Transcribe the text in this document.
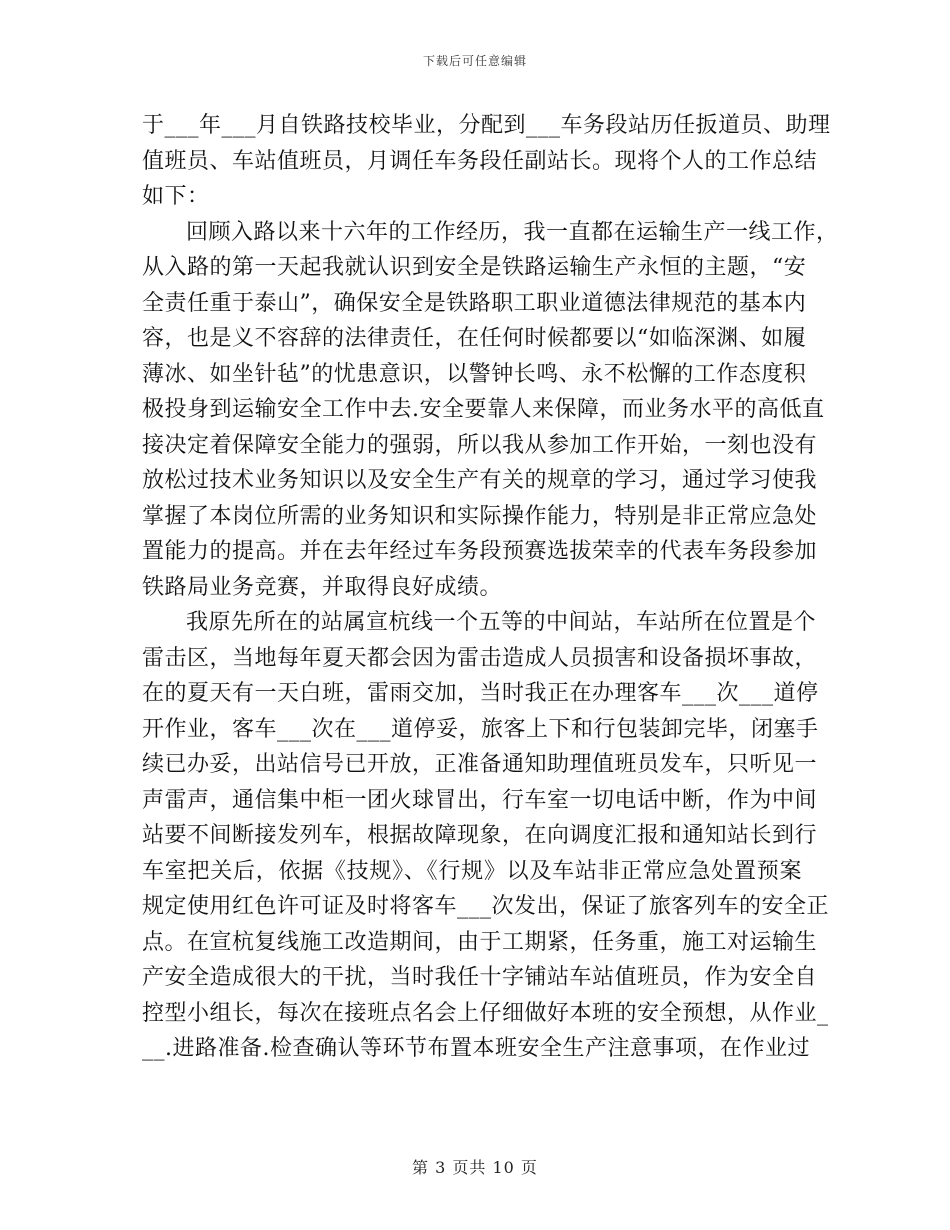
下载后可任意编辑
于___年___月自铁路技校毕业，分配到___车务段站历任扳道员、助理
值班员、车站值班员，月调任车务段任副站长。现将个人的工作总结
如下：
回顾入路以来十六年的工作经历，我一直都在运输生产一线工作，
从入路的第一天起我就认识到安全是铁路运输生产永恒的主题，“安
全责任重于泰山”，确保安全是铁路职工职业道德法律规范的基本内
容，也是义不容辞的法律责任，在任何时候都要以“如临深渊、如履
薄冰、如坐针毡”的忧患意识，以警钟长鸣、永不松懈的工作态度积
极投身到运输安全工作中去.安全要靠人来保障，而业务水平的高低直
接决定着保障安全能力的强弱，所以我从参加工作开始，一刻也没有
放松过技术业务知识以及安全生产有关的规章的学习，通过学习使我
掌握了本岗位所需的业务知识和实际操作能力，特别是非正常应急处
置能力的提高。并在去年经过车务段预赛选拔荣幸的代表车务段参加
铁路局业务竞赛，并取得良好成绩。
我原先所在的站属宣杭线一个五等的中间站，车站所在位置是个
雷击区，当地每年夏天都会因为雷击造成人员损害和设备损坏事故，
在的夏天有一天白班，雷雨交加，当时我正在办理客车___次___道停
开作业，客车___次在___道停妥，旅客上下和行包装卸完毕，闭塞手
续已办妥，出站信号已开放，正准备通知助理值班员发车，只听见一
声雷声，通信集中柜一团火球冒出，行车室一切电话中断，作为中间
站要不间断接发列车，根据故障现象，在向调度汇报和通知站长到行
车室把关后，依据《技规》、《行规》以及车站非正常应急处置预案
规定使用红色许可证及时将客车___次发出，保证了旅客列车的安全正
点。在宣杭复线施工改造期间，由于工期紧，任务重，施工对运输生
产安全造成很大的干扰，当时我任十字铺站车站值班员，作为安全自
控型小组长，每次在接班点名会上仔细做好本班的安全预想，从作业_
__.进路准备.检查确认等环节布置本班安全生产注意事项，在作业过
第 3 页共 10 页
